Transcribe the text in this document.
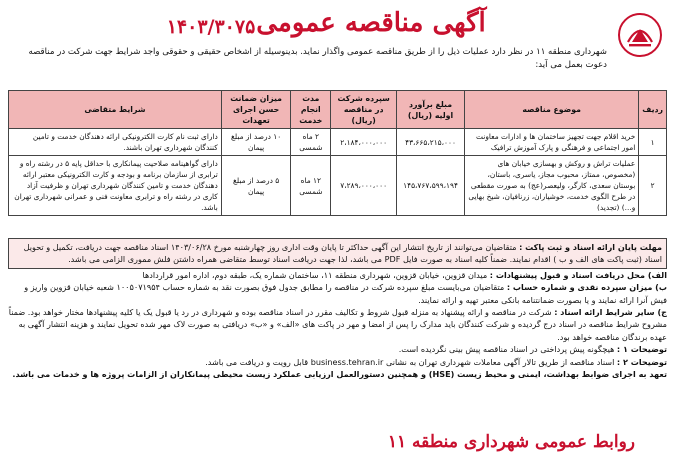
آگهی مناقصه عمومی
۱۴۰۳/۳۰۷۵
شهرداری منطقه ۱۱ در نظر دارد عملیات ذیل را از طریق مناقصه عمومی واگذار نماید. بدینوسیله از اشخاص حقیقی و حقوقی واجد شرایط جهت شرکت در مناقصه دعوت بعمل می آید:
ردیف	موضوع مناقصه	مبلغ برآورد اولیه (ریال)	سپرده شرکت در مناقصه (ریال)	مدت انجام خدمت	میزان ضمانت حسن اجرای تعهدات	شرایط متقاضی
۱	خرید اقلام جهت تجهیز ساختمان ها و ادارات معاونت امور اجتماعی و فرهنگی و پارک آموزش ترافیک	۴۳،۶۶۵،۲۱۵،۰۰۰	۲،۱۸۴،۰۰۰،۰۰۰	۲ ماه شمسی	۱۰ درصد از مبلغ پیمان	دارای ثبت نام کارت الکترونیکی ارائه دهندگان خدمت و تامین کنندگان شهرداری تهران باشند.
۲	عملیات تراش و روکش و بهسازی خیابان های (مخصوص، ممتاز، محبوب مجاز، یاسری، باستان، بوستان سعدی، کارگر، ولیعصر(عج) به صورت مقطعی در طرح الگوی خدمت، خوشیاران، زرنافیان، شیخ بهایی و...) (تجدید)	۱۴۵،۷۶۷،۵۹۹،۱۹۴	۷،۲۸۹،۰۰۰،۰۰۰	۱۲ ماه شمسی	۵ درصد از مبلغ پیمان	دارای گواهینامه صلاحیت پیمانکاری با حداقل پایه ۵ در رشته راه و ترابری از سازمان برنامه و بودجه و کارت الکترونیکی معتبر ارائه دهندگان خدمت و تامین کنندگان شهرداری تهران و ظرفیت آزاد کاری در رشته راه و ترابری معاونت فنی و عمرانی شهرداری تهران باشد.
مهلت پایان ارائه اسناد و ثبت پاکت : متقاضیان می‌توانند از تاریخ انتشار این آگهی حداکثر تا پایان وقت اداری روز چهارشنبه مورخ ۱۴۰۳/۰۶/۲۸ اسناد مناقصه جهت دریافت، تکمیل و تحویل اسناد (ثبت پاکت های الف و ب ) اقدام نمایند. ضمناً کلیه اسناد به صورت فایل PDF می باشد، لذا جهت دریافت اسناد توسط متقاضی همراه داشتن فلش مموری الزامی می باشد.
الف) محل دریافت اسناد و قبول پیشنهادات : میدان قزوین، خیابان قزوین، شهرداری منطقه ۱۱، ساختمان شماره یک، طبقه دوم، اداره امور قراردادها
ب) میزان سپرده نقدی و شماره حساب : متقاضیان می‌بایست مبلغ سپرده شرکت در مناقصه را مطابق جدول فوق بصورت نقد به شماره حساب ۱۰۰۵۰۷۱۹۵۴ شعبه خیابان قزوین واریز و فیش آنرا ارائه نمایند و یا بصورت ضمانتنامه بانکی معتبر تهیه و ارائه نمایند.
ج) سایر شرایط ارائه اسناد : شرکت در مناقصه و ارائه پیشنهاد به منزله قبول شروط و تکالیف مقرر در اسناد مناقصه بوده و شهرداری در رد یا قبول یک یا کلیه پیشنهادها مختار خواهد بود. ضمناً مشروح شرایط مناقصه در اسناد درج گردیده و شرکت کنندگان باید مدارک را پس از امضا و مهر در پاکت های «الف» و «ب» دریافتی به صورت لاک مهر شده تحویل نمایند و هزینه انتشار آگهی به عهده برندگان مناقصه خواهد بود.
توضیحات ۱ : هیچگونه پیش پرداختی در اسناد مناقصه پیش بینی نگردیده است.
توضیحات ۲ : اسناد مناقصه از طریق تالار آگهی معاملات شهرداری تهران به نشانی business.tehran.ir قابل رویت و دریافت می باشد.
تعهد به اجرای ضوابط بهداشت، ایمنی و محیط زیست (HSE) و همچنین دستورالعمل ارزیابی عملکرد زیست محیطی پیمانکاران از الزامات پروژه ها و خدمات می باشد.
روابط عمومی شهرداری منطقه ۱۱
